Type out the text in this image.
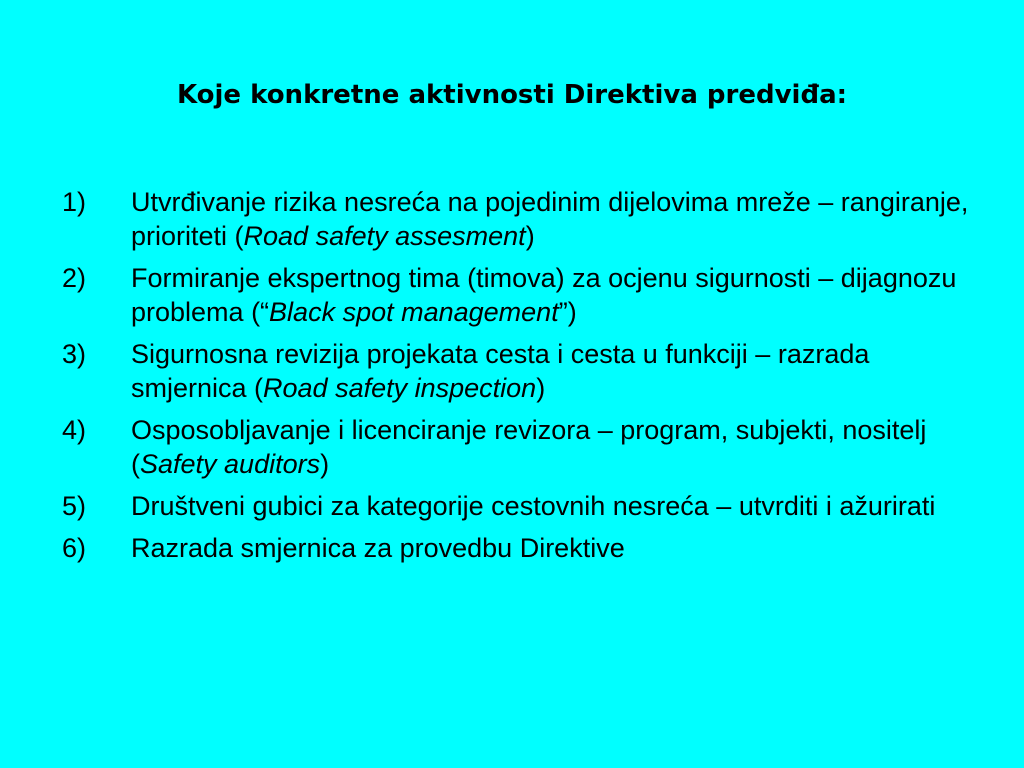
Koje konkretne aktivnosti Direktiva predviđa:
1)	Utvrđivanje rizika nesreća na pojedinim dijelovima mreže – rangiranje, prioriteti (Road safety assesment)
2)	Formiranje ekspertnog tima (timova) za ocjenu sigurnosti – dijagnozu problema (“Black spot management”)
3)	Sigurnosna revizija projekata cesta i cesta u funkciji – razrada smjernica (Road safety inspection)
4)	Osposobljavanje i licenciranje revizora – program, subjekti, nositelj (Safety auditors)
5)	Društveni gubici za kategorije cestovnih nesreća – utvrditi i ažurirati
6)	Razrada smjernica za provedbu Direktive
